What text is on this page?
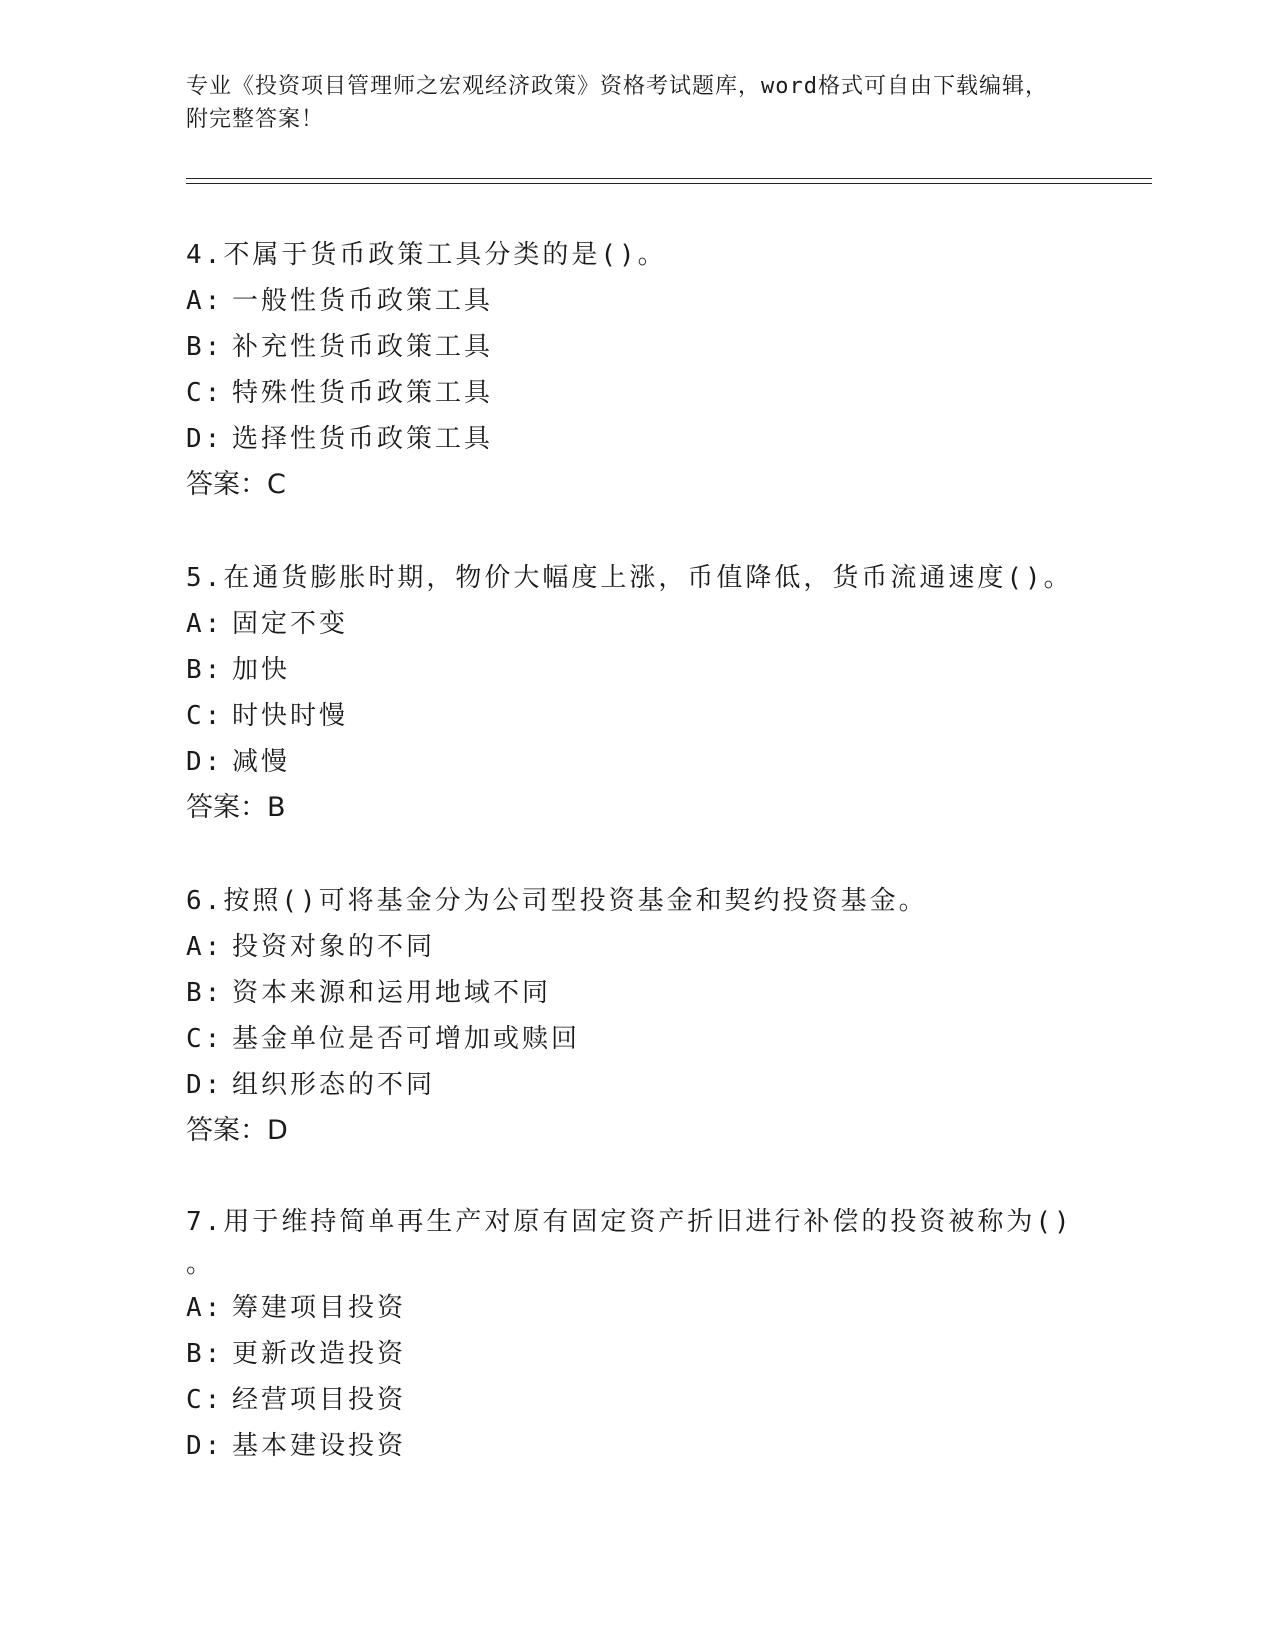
专业《投资项目管理师之宏观经济政策》资格考试题库，word格式可自由下载编辑，附完整答案！

4.不属于货币政策工具分类的是()。

A: 一般性货币政策工具

B: 补充性货币政策工具

C: 特殊性货币政策工具

D: 选择性货币政策工具

答案：C

5.在通货膨胀时期，物价大幅度上涨，币值降低，货币流通速度()。

A: 固定不变

B: 加快

C: 时快时慢

D: 减慢

答案：B

6.按照()可将基金分为公司型投资基金和契约投资基金。

A: 投资对象的不同

B: 资本来源和运用地域不同

C: 基金单位是否可增加或赎回

D: 组织形态的不同

答案：D

7.用于维持简单再生产对原有固定资产折旧进行补偿的投资被称为()

。

A: 筹建项目投资

B: 更新改造投资

C: 经营项目投资

D: 基本建设投资
